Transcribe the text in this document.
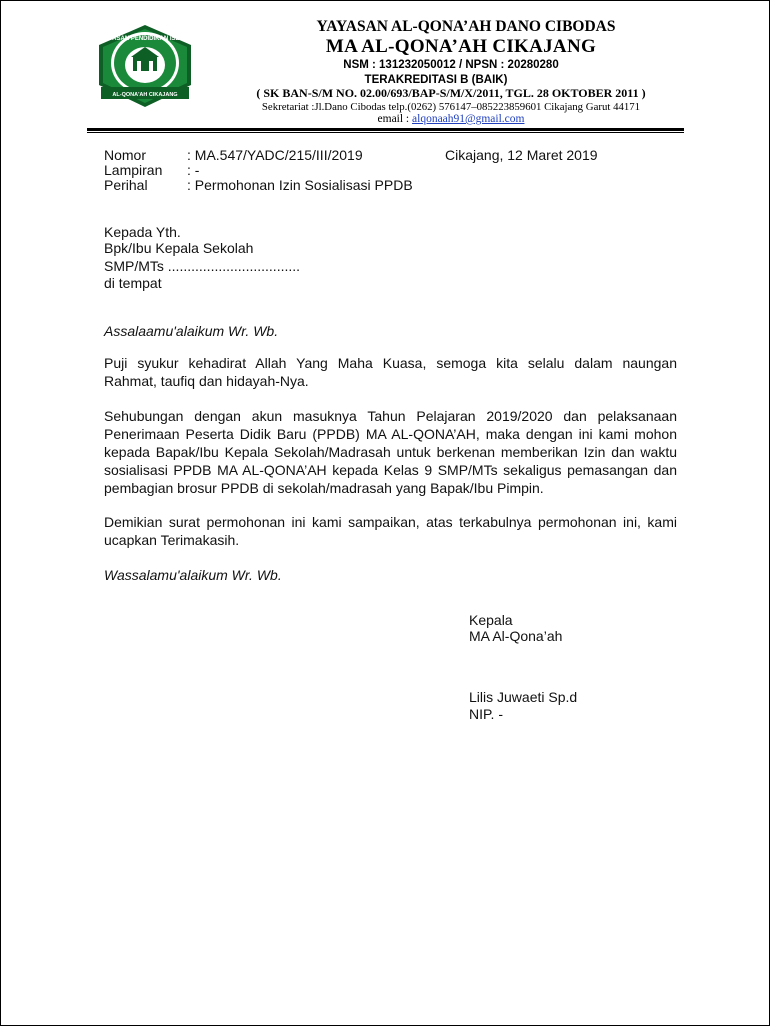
YAYASAN PENDIDIKAN ISLAM
AL-QONA'AH CIKAJANG
YAYASAN AL-QONA’AH DANO CIBODAS
MA AL-QONA’AH CIKAJANG
NSM : 131232050012 / NPSN : 20280280
TERAKREDITASI B (BAIK)
( SK BAN-S/M NO. 02.00/693/BAP-S/M/X/2011, TGL. 28 OKTOBER 2011 )
Sekretariat :Jl.Dano Cibodas telp.(0262) 576147–085223859601 Cikajang Garut 44171
email : alqonaah91@gmail.com
Nomor	: MA.547/YADC/215/III/2019	Cikajang, 12 Maret 2019
Lampiran : -
Perihal	: Permohonan Izin Sosialisasi PPDB
Kepada Yth.
Bpk/Ibu Kepala Sekolah
SMP/MTs ..................................
di tempat
Assalaamu'alaikum Wr. Wb.
Puji syukur kehadirat Allah Yang Maha Kuasa, semoga kita selalu dalam naungan
Rahmat, taufiq dan hidayah-Nya.
Sehubungan dengan akun masuknya Tahun Pelajaran 2019/2020 dan pelaksanaan
Penerimaan Peserta Didik Baru (PPDB) MA AL-QONA’AH, maka dengan ini kami mohon
kepada Bapak/Ibu Kepala Sekolah/Madrasah untuk berkenan memberikan Izin dan waktu
sosialisasi PPDB MA AL-QONA’AH kepada Kelas 9 SMP/MTs sekaligus pemasangan dan
pembagian brosur PPDB di sekolah/madrasah yang Bapak/Ibu Pimpin.
Demikian surat permohonan ini kami sampaikan, atas terkabulnya permohonan ini, kami
ucapkan Terimakasih.
Wassalamu'alaikum Wr. Wb.
Kepala
MA Al-Qona’ah
Lilis Juwaeti Sp.d
NIP. -
